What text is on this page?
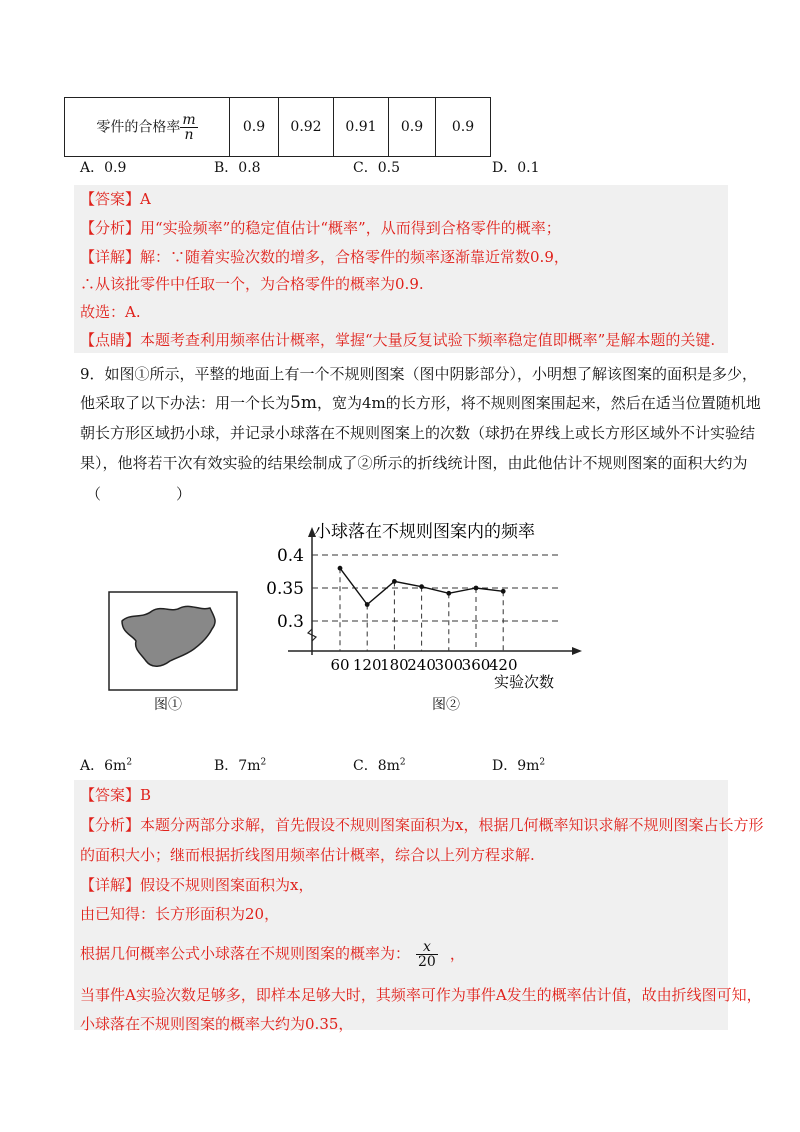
零件的合格率 $\frac{m}{n}$	0.9	0.92	0.91	0.9	0.9
A．0.9	B．0.8	C．0.5	D．0.1
【答案】A
【分析】用“实验频率”的稳定值估计“概率”，从而得到合格零件的概率；
【详解】解：∵随着实验次数的增多，合格零件的频率逐渐靠近常数0.9，
∴从该批零件中任取一个，为合格零件的概率为0.9.
故选：A.
【点睛】本题考查利用频率估计概率，掌握“大量反复试验下频率稳定值即概率”是解本题的关键.
9．如图①所示，平整的地面上有一个不规则图案（图中阴影部分），小明想了解该图案的面积是多少，
他采取了以下办法：用一个长为5m，宽为4m的长方形，将不规则图案围起来，然后在适当位置随机地
朝长方形区域扔小球，并记录小球落在不规则图案上的次数（球扔在界线上或长方形区域外不计实验结
果），他将若干次有效实验的结果绘制成了②所示的折线统计图，由此他估计不规则图案的面积大约为
（　　　　　）
图①
小球落在不规则图案内的频率
实验次数
0.4
0.35
0.3
60 120
180
240
300
360
420
图②
A．$6m^2$	B．$7m^2$	C．$8m^2$	D．$9m^2$
【答案】B
【分析】本题分两部分求解，首先假设不规则图案面积为x，根据几何概率知识求解不规则图案占长方形
的面积大小；继而根据折线图用频率估计概率，综合以上列方程求解.
【详解】假设不规则图案面积为x，
由已知得：长方形面积为20，
根据几何概率公式小球落在不规则图案的概率为： $\frac{x}{20}$ ，
当事件A实验次数足够多，即样本足够大时，其频率可作为事件A发生的概率估计值，故由折线图可知，
小球落在不规则图案的概率大约为0.35，
